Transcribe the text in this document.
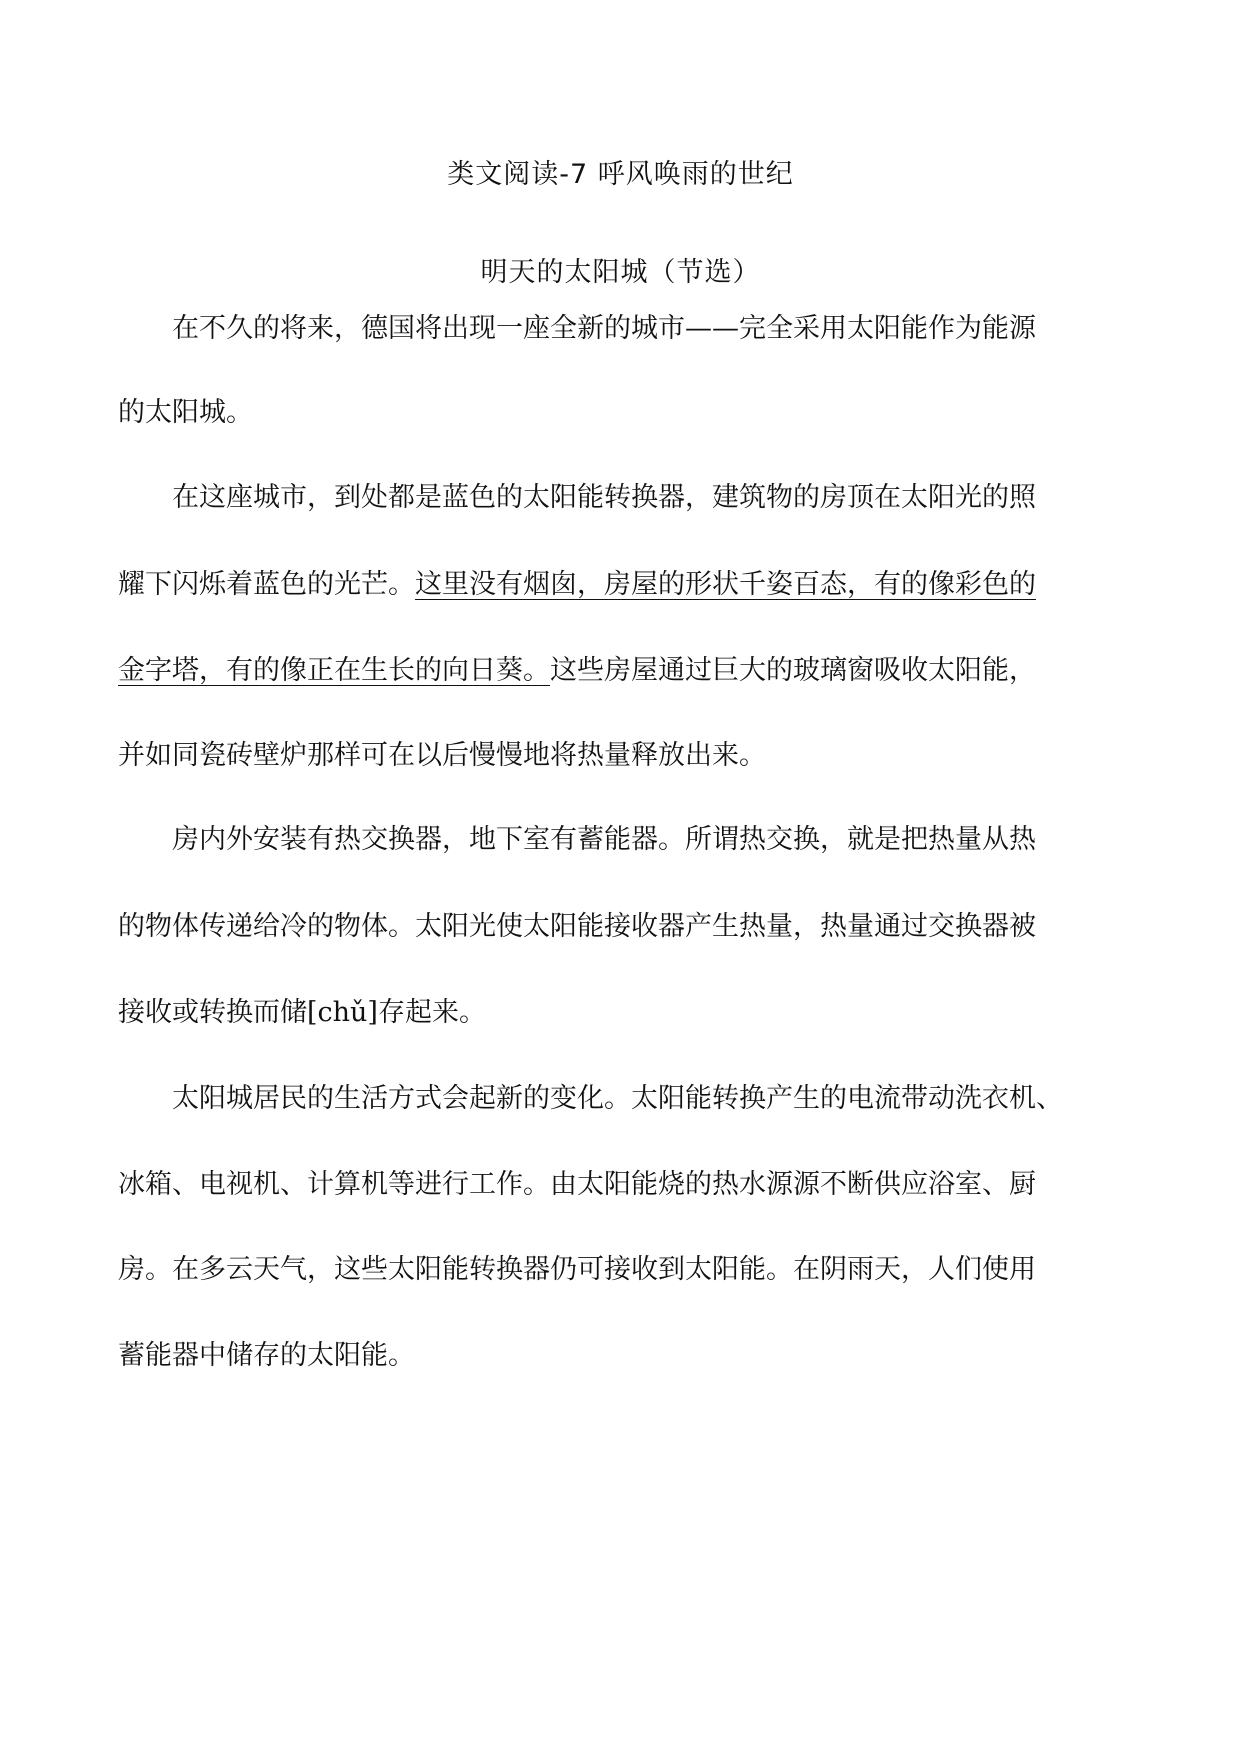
类文阅读-7 呼风唤雨的世纪
明天的太阳城（节选）
　　在不久的将来，德国将出现一座全新的城市——完全采用太阳能作为能源
的太阳城。
　　在这座城市，到处都是蓝色的太阳能转换器，建筑物的房顶在太阳光的照
耀下闪烁着蓝色的光芒。这里没有烟囱，房屋的形状千姿百态，有的像彩色的
金字塔，有的像正在生长的向日葵。这些房屋通过巨大的玻璃窗吸收太阳能，
并如同瓷砖壁炉那样可在以后慢慢地将热量释放出来。
　　房内外安装有热交换器，地下室有蓄能器。所谓热交换，就是把热量从热
的物体传递给冷的物体。太阳光使太阳能接收器产生热量，热量通过交换器被
接收或转换而储[chǔ]存起来。
　　太阳城居民的生活方式会起新的变化。太阳能转换产生的电流带动洗衣机、
冰箱、电视机、计算机等进行工作。由太阳能烧的热水源源不断供应浴室、厨
房。在多云天气，这些太阳能转换器仍可接收到太阳能。在阴雨天，人们使用
蓄能器中储存的太阳能。
